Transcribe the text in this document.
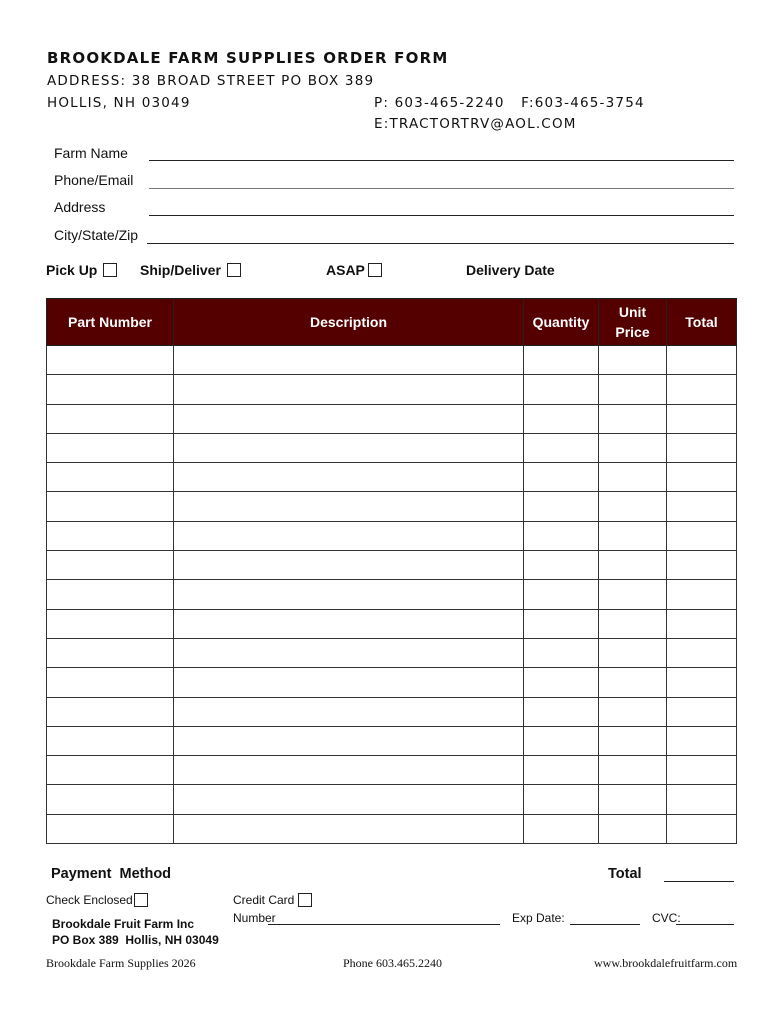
BROOKDALE FARM SUPPLIES ORDER FORM
ADDRESS: 38 BROAD STREET PO BOX 389
HOLLIS, NH 03049	P: 603-465-2240   F:603-465-3754
E:TRACTORTRV@AOL.COM
Farm Name
Phone/Email
Address
City/State/Zip
Pick Up	Ship/Deliver	ASAP	Delivery Date
Part Number	Description	Quantity	Unit Price	Total

Payment  Method	Total
Check Enclosed	Credit Card
Number	Exp Date:	CVC:
Brookdale Fruit Farm Inc
PO Box 389  Hollis, NH 03049
Brookdale Farm Supplies 2026	Phone 603.465.2240	www.brookdalefruitfarm.com
